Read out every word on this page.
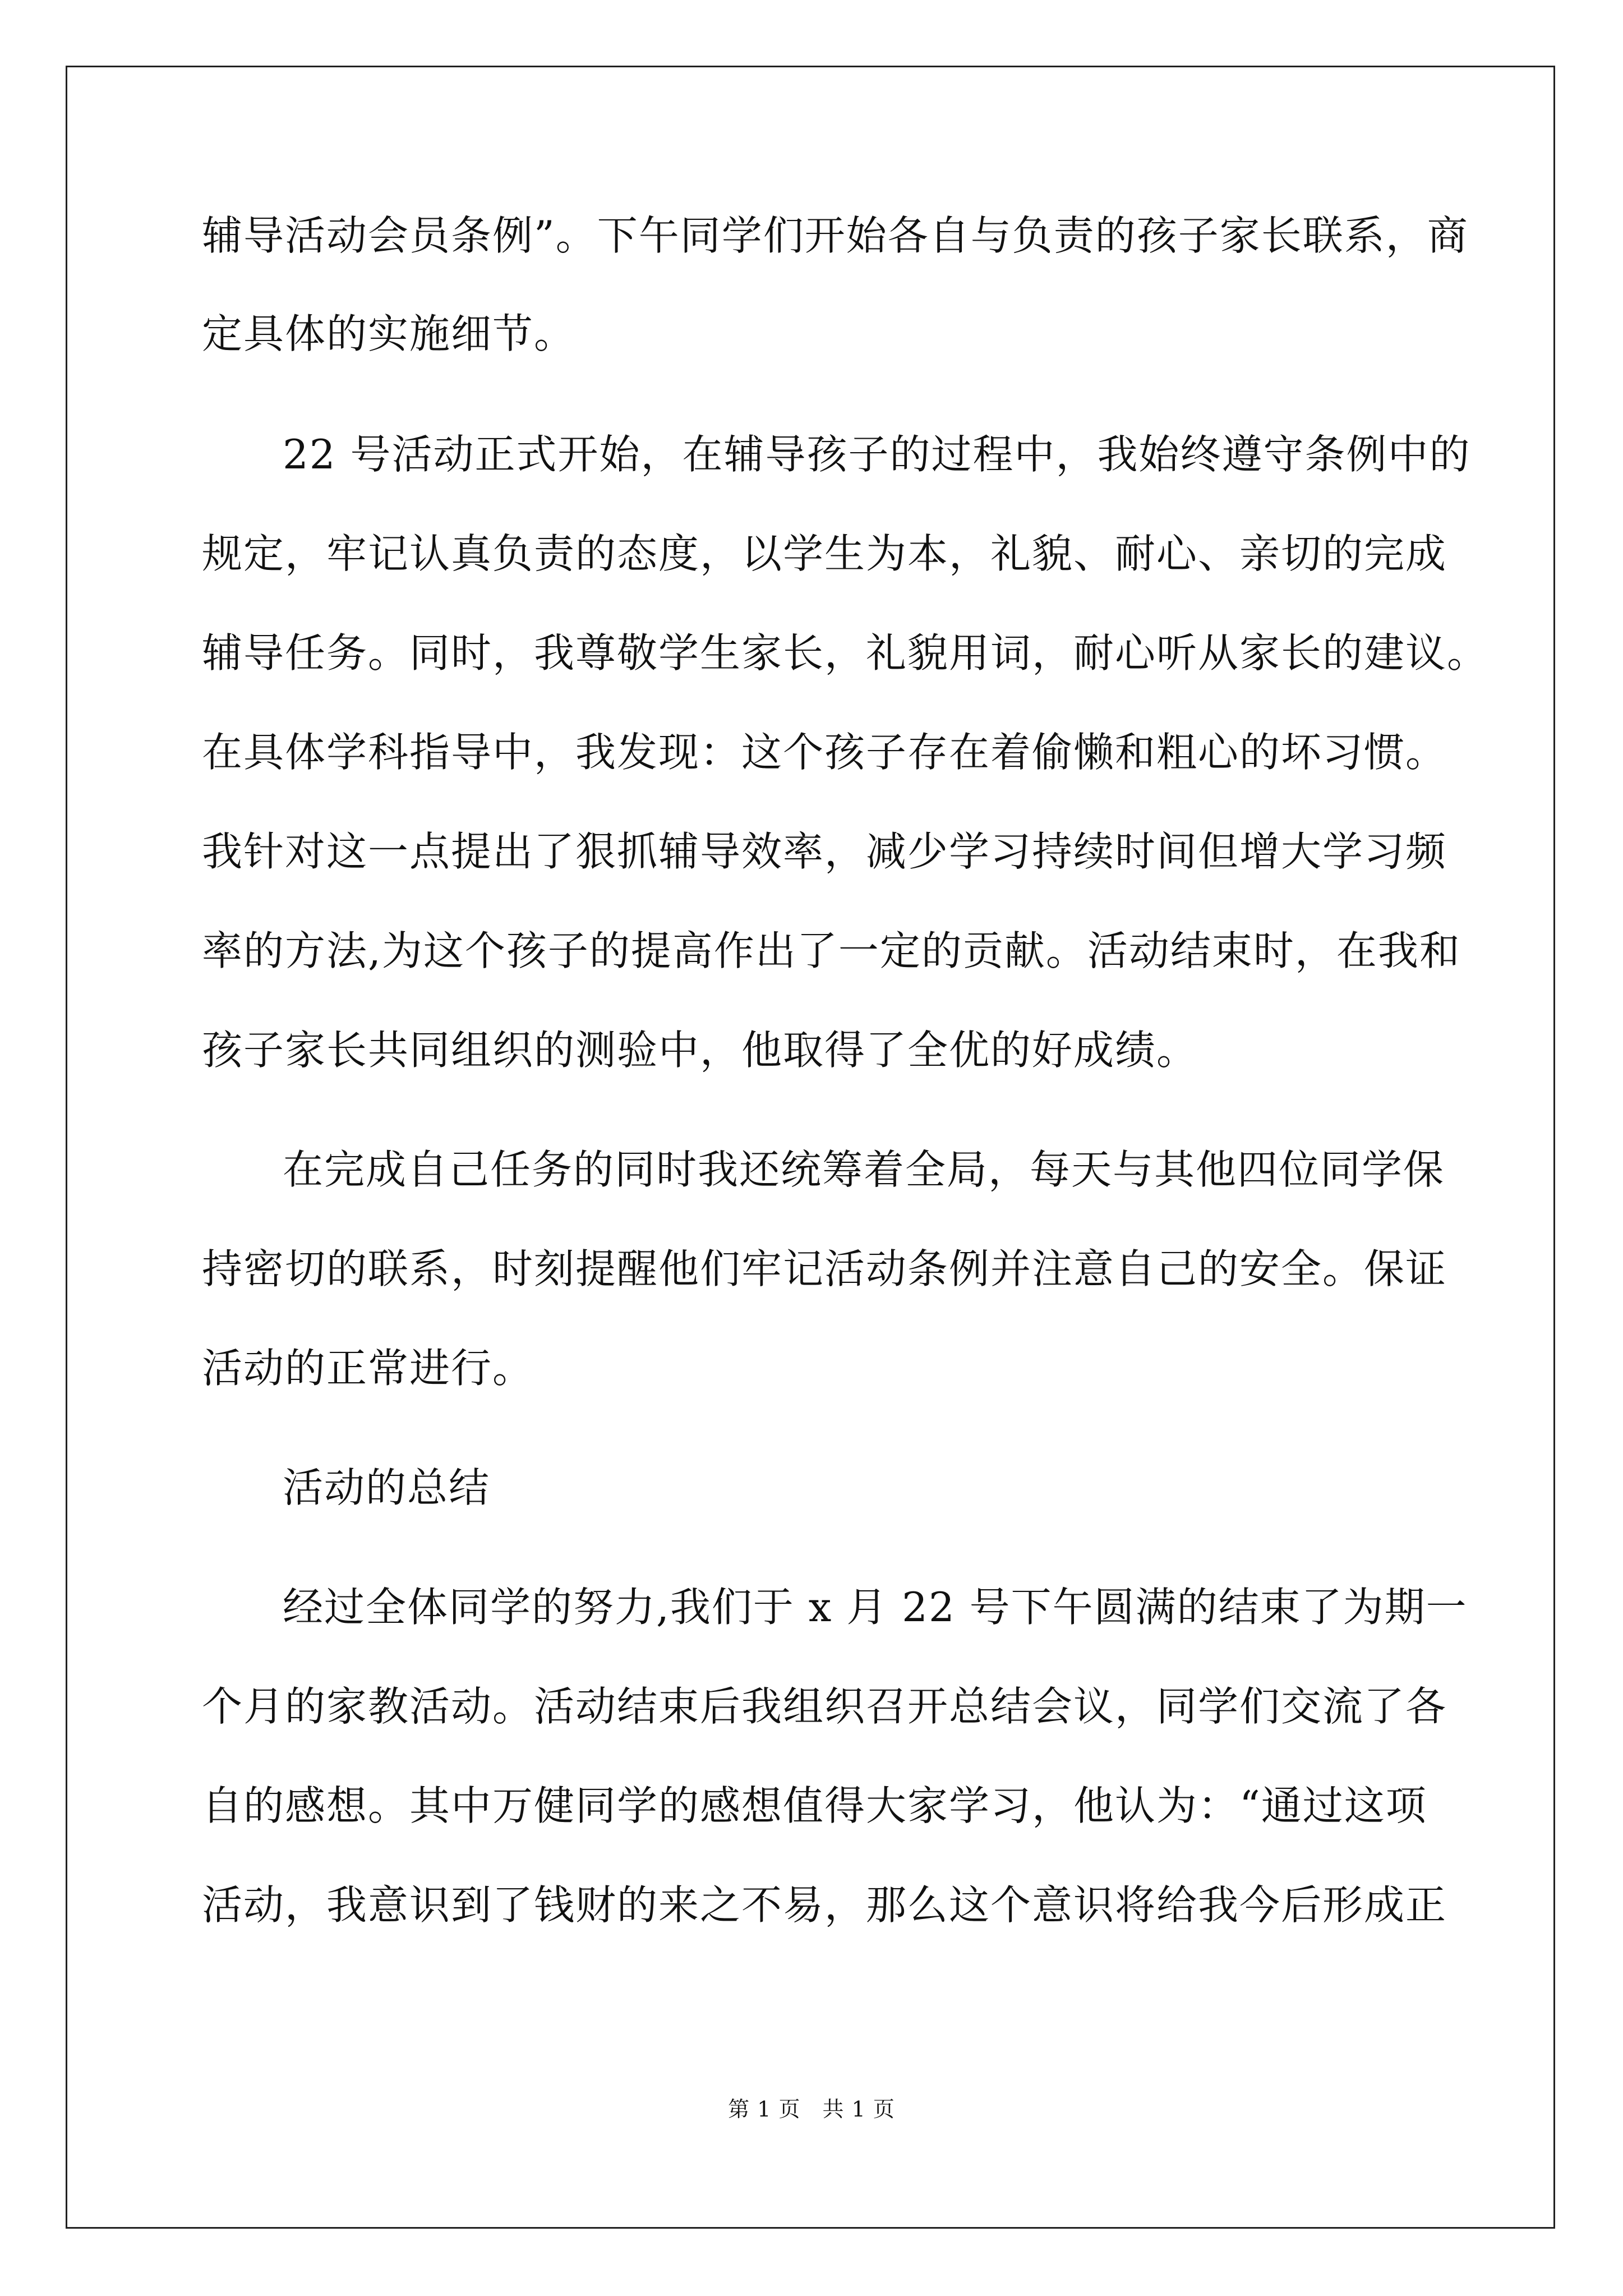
辅导活动会员条例”。下午同学们开始各自与负责的孩子家长联系，商
定具体的实施细节。
22 号活动正式开始，在辅导孩子的过程中，我始终遵守条例中的
规定，牢记认真负责的态度，以学生为本，礼貌、耐心、亲切的完成
辅导任务。同时，我尊敬学生家长，礼貌用词，耐心听从家长的建议。
在具体学科指导中，我发现：这个孩子存在着偷懒和粗心的坏习惯。
我针对这一点提出了狠抓辅导效率，减少学习持续时间但增大学习频
率的方法,为这个孩子的提高作出了一定的贡献。活动结束时，在我和
孩子家长共同组织的测验中，他取得了全优的好成绩。
在完成自己任务的同时我还统筹着全局，每天与其他四位同学保
持密切的联系，时刻提醒他们牢记活动条例并注意自己的安全。保证
活动的正常进行。
活动的总结
经过全体同学的努力,我们于 x 月 22 号下午圆满的结束了为期一
个月的家教活动。活动结束后我组织召开总结会议，同学们交流了各
自的感想。其中万健同学的感想值得大家学习，他认为：“通过这项
活动，我意识到了钱财的来之不易，那么这个意识将给我今后形成正
第 1 页　共 1 页
